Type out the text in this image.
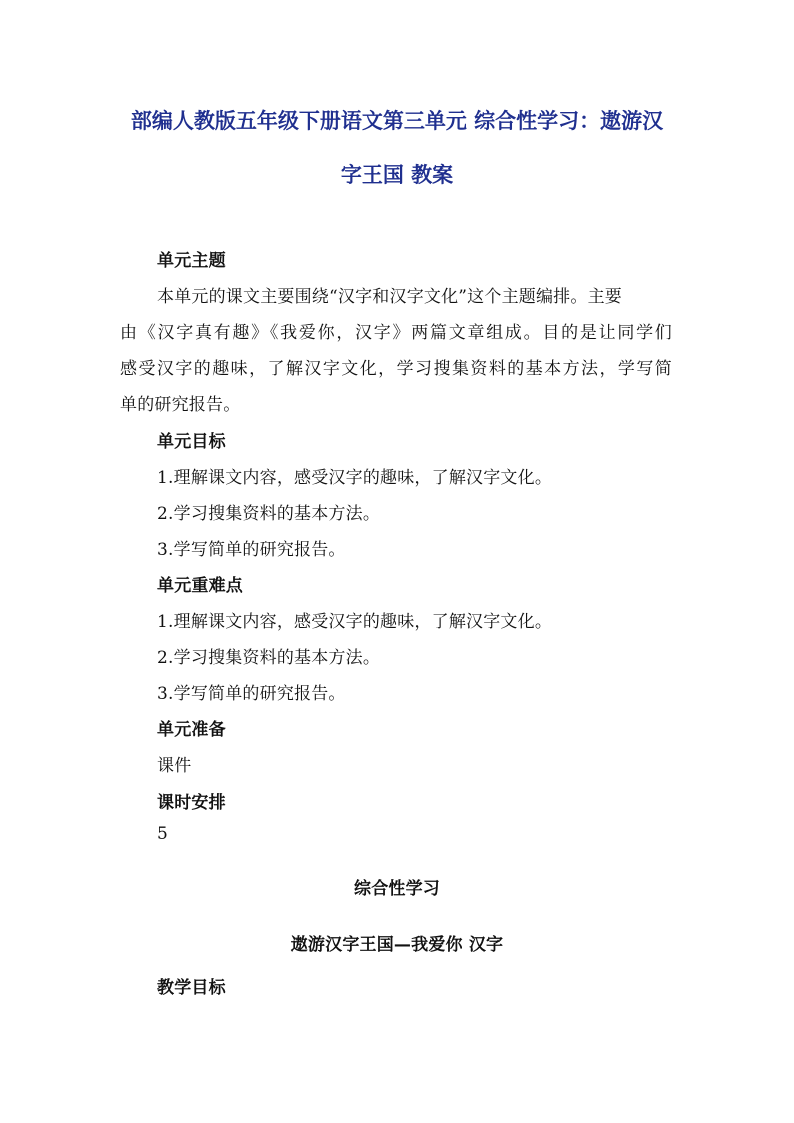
部编人教版五年级下册语文第三单元 综合性学习：遨游汉
字王国 教案
单元主题
本单元的课文主要围绕“汉字和汉字文化”这个主题编排。主要
由《汉字真有趣》《我爱你，汉字》两篇文章组成。目的是让同学们
感受汉字的趣味，了解汉字文化，学习搜集资料的基本方法，学写简
单的研究报告。
单元目标
1.理解课文内容，感受汉字的趣味，了解汉字文化。
2.学习搜集资料的基本方法。
3.学写简单的研究报告。
单元重难点
1.理解课文内容，感受汉字的趣味，了解汉字文化。
2.学习搜集资料的基本方法。
3.学写简单的研究报告。
单元准备
课件
课时安排
5
综合性学习
遨游汉字王国—我爱你 汉字
教学目标
